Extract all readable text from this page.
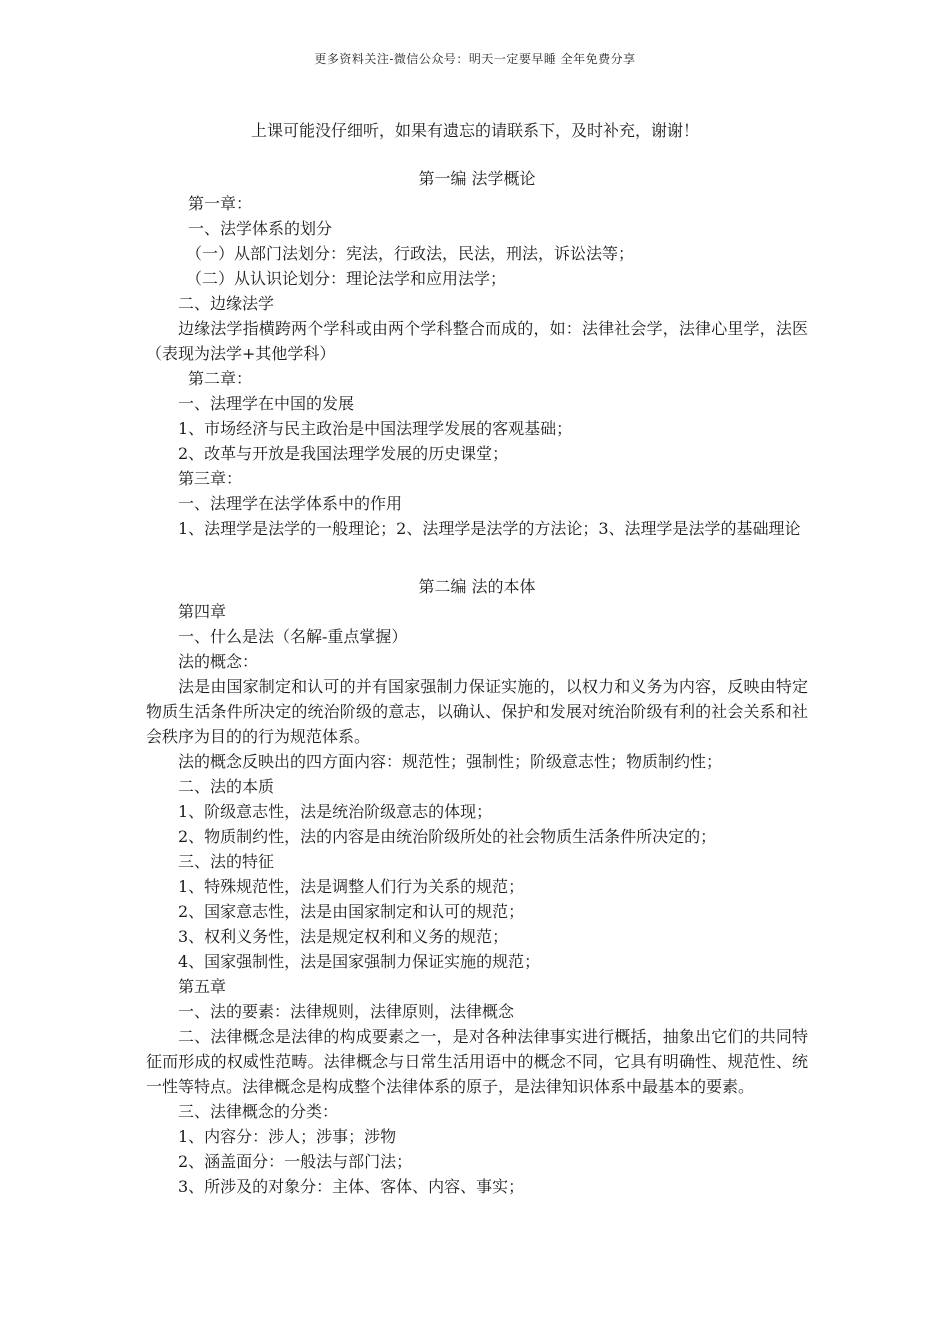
更多资料关注-微信公众号：明天一定要早睡 全年免费分享
上课可能没仔细听，如果有遗忘的请联系下，及时补充，谢谢！
第一编 法学概论
第一章：
一、法学体系的划分
（一）从部门法划分：宪法，行政法，民法，刑法，诉讼法等；
（二）从认识论划分：理论法学和应用法学；
二、边缘法学
边缘法学指横跨两个学科或由两个学科整合而成的，如：法律社会学，法律心里学，法医（表现为法学+其他学科）
第二章：
一、法理学在中国的发展
1、市场经济与民主政治是中国法理学发展的客观基础；
2、改革与开放是我国法理学发展的历史课堂；
第三章：
一、法理学在法学体系中的作用
1、法理学是法学的一般理论；2、法理学是法学的方法论；3、法理学是法学的基础理论
第二编 法的本体
第四章
一、什么是法（名解-重点掌握）
法的概念：
法是由国家制定和认可的并有国家强制力保证实施的，以权力和义务为内容，反映由特定物质生活条件所决定的统治阶级的意志，以确认、保护和发展对统治阶级有利的社会关系和社会秩序为目的的行为规范体系。
法的概念反映出的四方面内容：规范性；强制性；阶级意志性；物质制约性；
二、法的本质
1、阶级意志性，法是统治阶级意志的体现；
2、物质制约性，法的内容是由统治阶级所处的社会物质生活条件所决定的；
三、法的特征
1、特殊规范性，法是调整人们行为关系的规范；
2、国家意志性，法是由国家制定和认可的规范；
3、权利义务性，法是规定权利和义务的规范；
4、国家强制性，法是国家强制力保证实施的规范；
第五章
一、法的要素：法律规则，法律原则，法律概念
二、法律概念是法律的构成要素之一，是对各种法律事实进行概括，抽象出它们的共同特征而形成的权威性范畴。法律概念与日常生活用语中的概念不同，它具有明确性、规范性、统一性等特点。法律概念是构成整个法律体系的原子，是法律知识体系中最基本的要素。
三、法律概念的分类：
1、内容分：涉人；涉事；涉物
2、涵盖面分：一般法与部门法；
3、所涉及的对象分：主体、客体、内容、事实；
